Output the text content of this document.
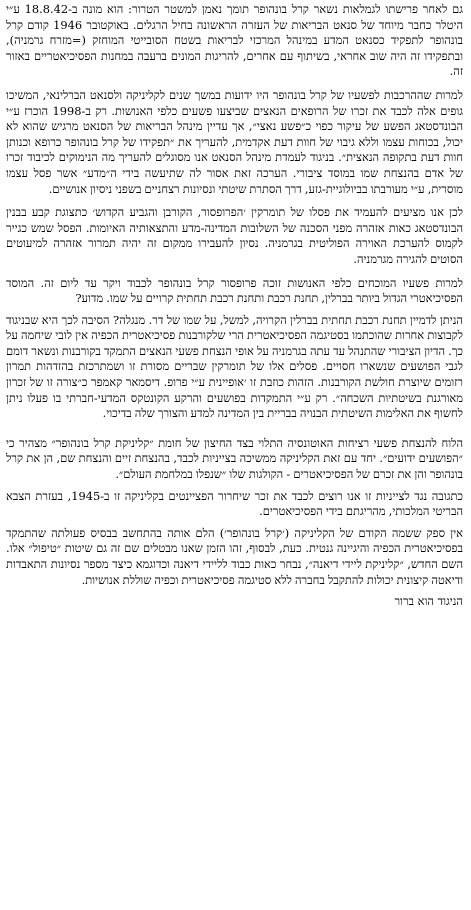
גם לאחר פרישתו לגמלאות נשאר קרל בונהופר תומך נאמן למשטר הטרור: הוא מונה ב-18.8.42 ע״י היטלר כחבר מיוחד של סנאט הבריאות של העזרה הראשונה בחיל הרגלים. באוקטובר 1946 קודם קרל בונהופר לתפקיד כסנאט המדע במינהל המרכזי לבריאות בשטח הסובייטי המוחזק (=מזרח גרמניה), ובתפקידו זה היה שוב אחראי, בשיתוף עם אחרים, להריגות המונים ברעבה במחנות הפסיכיאטריים באזור זה.

למרות שההרכבות לפשעיו של קרל בונהופר היו ידועות במשך שנים לקליניקה ולסנאט הברלינאי, המשיכו גופים אלה לכבד את זכרו של הרופאים הנאצים שביצעו פשעים כלפי האנושות. רק ב-1998 הוכרז ע״י הבונדסטאג הפשע של עיקור כפוי כ״פשע נאצי״, אך עדיין מינהל הבריאות של הסנאט מרגיש שהוא לא יכול, בכוחות עצמו וללא גיבוי של חוות דעת אקדמית, להעריך את ״תפקידו של קרל בונהופר כרופא וכנותן חוות דעת בתקופה הנאצית״. בניגוד לעמדת מינהל הסנאט אנו מסוגלים להעריך מה הנימוקים לכיבוד זכרו של אדם בהנצחת שמו במוסד ציבורי. הערכה זאת אסור לה שתיעשה בידי ה״מדע״ אשר פסל עצמו מוסרית, ע״י מעורבתו בביולוגיית-גזע, דרך הסתרת שיטתי ונסיונות רצחניים בשפני ניסיון אנושיים.

לכן אנו מציעים להעמיד את פסלו של תומרקין ׳הפרופסור, הקורבן והגביע הקדוש׳ כתצוגת קבע בבנין הבונדסטאג כאות אזהרה מפני הסכנה של השלובות המדינה-מדע והתצאותיה האיומות. הפסל שמש כגייר לקמוס להערכת האוירה הפוליטית בגרמניה. נסיון להעבירו ממקום זה יהיה תמרור אזהרה למיעוטים הסוטים להגירה מגרמניה.

למרות פשעיו המוכחים כלפי האנושות זוכה פרופסור קרל בונהופר לכבוד ויקר עד ליום זה. המוסד הפסיכיאטרי הגדול ביותר בברלין, תחנת רכבת ותחנת רכבת תחתית קרויים על שמו. מדוע?

הניתן לדמיין תחנת רכבת תחתית בברלין הקרויה, למשל, על שמו של דר. מנגלה? הסיבה לכך היא שבניגוד לקבוצות אחרות שהוכתמו בסטיגמה הפסיכיאטרית הרי שלקורבנות פסיכיאטרית הכפיה אין לובי שיחמה על כך. הדיון הציבורי שהתנהל עד עתה בגרמניה על אופי הנצחת פשעי הנאצים התמקד בקורבנות ונשאר דומם לגבי הפושעים שנשארו חסויים. פסלים אלו של תומרקין שבריים מסורת זו ושמתרכזת בהזדהות תמרון רזומים שיוצרת חולשת הקורבנות. הזהות כוזבת זו ׳אופיינית ע״י פרופ. דיסמאר קאמפר כ״צורה זו של זכרון מאורגנת בשיטתיות השכחה״. רק ע״י התמקדות בפושעים והרקע הקונטקס המדעי-חברתי בו פעלו ניתן לחשוף את האלימות השיטתית הבנויה בבריית בין המדינה למדע והצורך שלה בדיכוי.

הלוח להנצחת פשעי רציחות האוטונסיה התלוי בצד החיצון של חומת ״קליניקת קרל בונהופר״ מצהיר כי ״הפושעים ידועים״. יחד עם זאת הקליניקה ממשיכה בצייניות לכבד, בהנצחת זיים והנצחת שם, הן את קרל בונהופר והן את זכרם של הפסיכיאטרים - הקולגות שלו ״שנפלו במלחמת העולם״.

כתגובה נגד לצייניות זו אנו רוצים לכבד את זכר שיחרור הפציינטים בקליניקה זו ב-1945, בעזרת הצבא הבריטי המלכותי, מהריגתם בידי הפסיכיאטרים.

אין ספק ששמה הקודם של הקליניקה (׳קרל בונהופר׳) הלם אותה בהתחשב בבסיס פעולתה שהתמקד בפסיכיאטרית הכפיה והיגיינה גנטית. כעת, לבסוף, זהו הזמן שאנו מבטלים שם זה גם שיטות ״טיפול״ אלו. השם החדש, ״קליניקת ליידי דיאנה״, נבחר כאות כבוד לליידי דיאנה וכדוגמא כיצד מספר נסיונות התאבדות ודיאטה קיצונית יכולות להתקבל בחברה ללא סטיגמה פסיכיאטרית וכפיה שוללת אנושיות.

הניגוד הוא ברור
